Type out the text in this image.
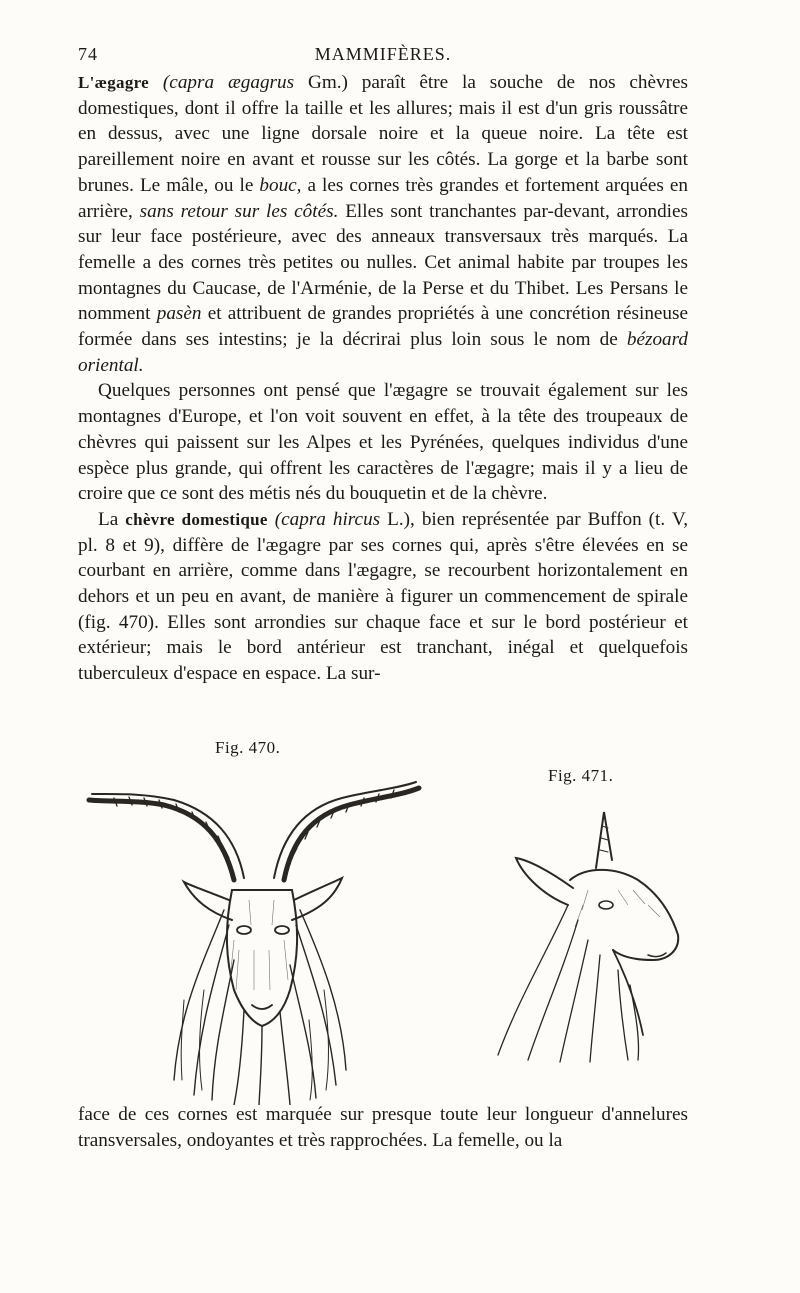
74	MAMMIFÈRES.

L'ægagre (capra ægagrus Gm.) paraît être la souche de nos chèvres domestiques, dont il offre la taille et les allures; mais il est d'un gris roussâtre en dessus, avec une ligne dorsale noire et la queue noire. La tête est pareillement noire en avant et rousse sur les côtés. La gorge et la barbe sont brunes. Le mâle, ou le bouc, a les cornes très grandes et fortement arquées en arrière, sans retour sur les côtés. Elles sont tranchantes par-devant, arrondies sur leur face postérieure, avec des anneaux transversaux très marqués. La femelle a des cornes très petites ou nulles. Cet animal habite par troupes les montagnes du Caucase, de l'Arménie, de la Perse et du Thibet. Les Persans le nomment pasèn et attribuent de grandes propriétés à une concrétion résineuse formée dans ses intestins; je la décrirai plus loin sous le nom de bézoard oriental.

Quelques personnes ont pensé que l'ægagre se trouvait également sur les montagnes d'Europe, et l'on voit souvent en effet, à la tête des troupeaux de chèvres qui paissent sur les Alpes et les Pyrénées, quelques individus d'une espèce plus grande, qui offrent les caractères de l'ægagre; mais il y a lieu de croire que ce sont des métis nés du bouquetin et de la chèvre.

La chèvre domestique (capra hircus L.), bien représentée par Buffon (t. V, pl. 8 et 9), diffère de l'ægagre par ses cornes qui, après s'être élevées en se courbant en arrière, comme dans l'ægagre, se recourbent horizontalement en dehors et un peu en avant, de manière à figurer un commencement de spirale (fig. 470). Elles sont arrondies sur chaque face et sur le bord postérieur et extérieur; mais le bord antérieur est tranchant, inégal et quelquefois tuberculeux d'espace en espace. La sur-

Fig. 470.
Fig. 471.

face de ces cornes est marquée sur presque toute leur longueur d'annelures transversales, ondoyantes et très rapprochées. La femelle, ou la
